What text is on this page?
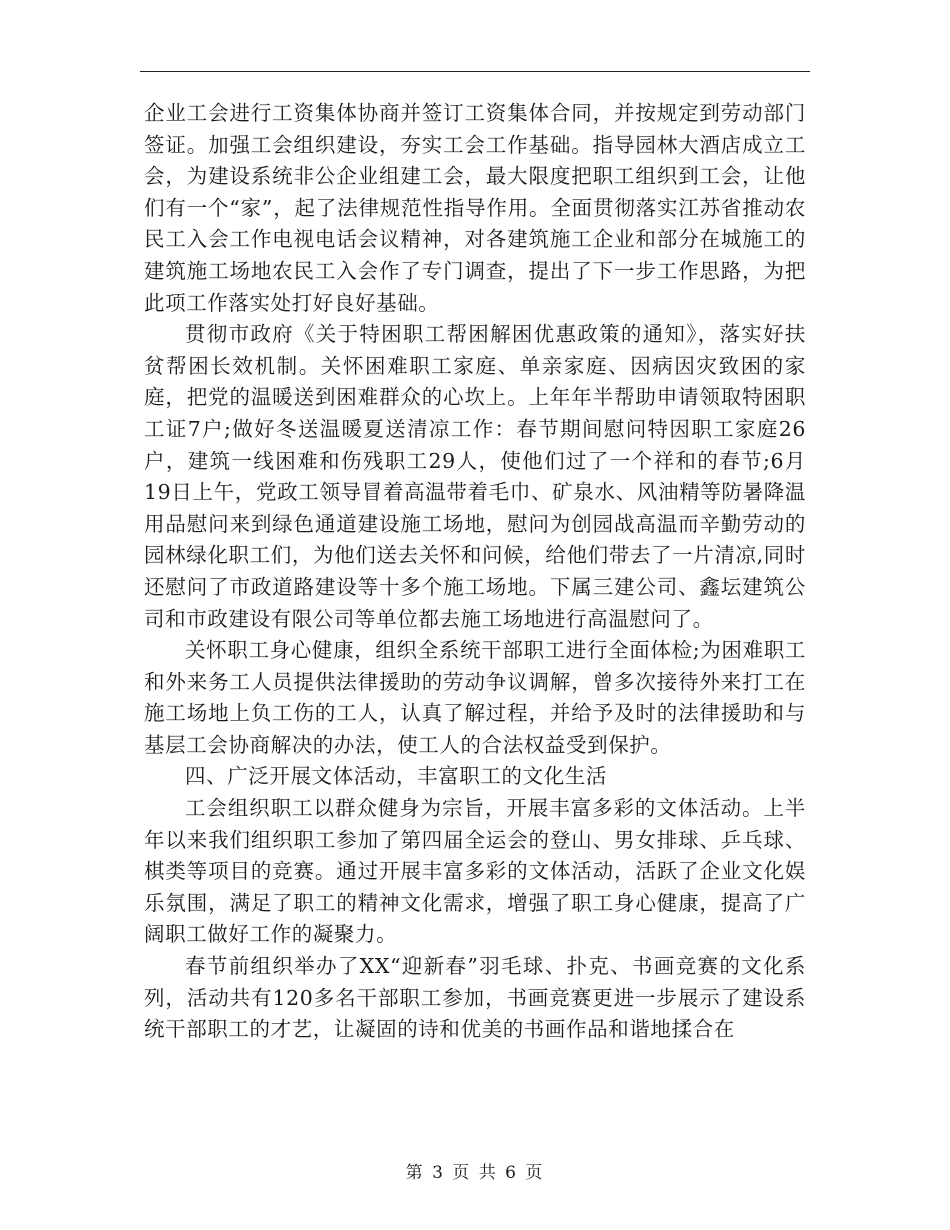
企业工会进行工资集体协商并签订工资集体合同，并按规定到劳动部门签证。加强工会组织建设，夯实工会工作基础。指导园林大酒店成立工会，为建设系统非公企业组建工会，最大限度把职工组织到工会，让他们有一个“家”，起了法律规范性指导作用。全面贯彻落实江苏省推动农民工入会工作电视电话会议精神，对各建筑施工企业和部分在城施工的建筑施工场地农民工入会作了专门调查，提出了下一步工作思路，为把此项工作落实处打好良好基础。

贯彻市政府《关于特困职工帮困解困优惠政策的通知》，落实好扶贫帮困长效机制。关怀困难职工家庭、单亲家庭、因病因灾致困的家庭，把党的温暖送到困难群众的心坎上。上年年半帮助申请领取特困职工证7户;做好冬送温暖夏送清凉工作：春节期间慰问特因职工家庭26户，建筑一线困难和伤残职工29人，使他们过了一个祥和的春节;6月19日上午，党政工领导冒着高温带着毛巾、矿泉水、风油精等防暑降温用品慰问来到绿色通道建设施工场地，慰问为创园战高温而辛勤劳动的园林绿化职工们，为他们送去关怀和问候，给他们带去了一片清凉,同时还慰问了市政道路建设等十多个施工场地。下属三建公司、鑫坛建筑公司和市政建设有限公司等单位都去施工场地进行高温慰问了。

关怀职工身心健康，组织全系统干部职工进行全面体检;为困难职工和外来务工人员提供法律援助的劳动争议调解，曾多次接待外来打工在施工场地上负工伤的工人，认真了解过程，并给予及时的法律援助和与基层工会协商解决的办法，使工人的合法权益受到保护。

四、广泛开展文体活动，丰富职工的文化生活

工会组织职工以群众健身为宗旨，开展丰富多彩的文体活动。上半年以来我们组织职工参加了第四届全运会的登山、男女排球、乒乓球、棋类等项目的竞赛。通过开展丰富多彩的文体活动，活跃了企业文化娱乐氛围，满足了职工的精神文化需求，增强了职工身心健康，提高了广阔职工做好工作的凝聚力。

春节前组织举办了XX“迎新春”羽毛球、扑克、书画竞赛的文化系列，活动共有120多名干部职工参加，书画竞赛更进一步展示了建设系统干部职工的才艺，让凝固的诗和优美的书画作品和谐地揉合在

第 3 页 共 6 页
